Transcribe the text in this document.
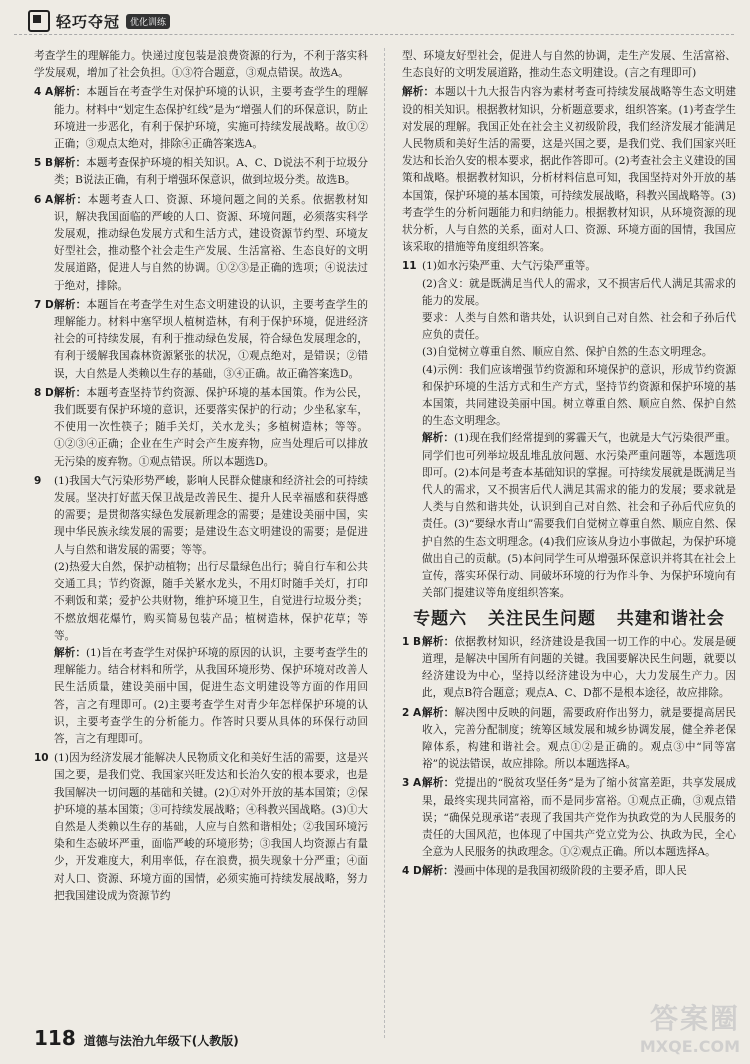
轻巧夺冠	优化训练

考查学生的理解能力。快递过度包装是浪费资源的行为，不利于落实科学发展观，增加了社会负担。①③符合题意，③观点错误。故选A。

4 A 解析：本题旨在考查学生对保护环境的认识，主要考查学生的理解能力。材料中“划定生态保护红线”是为“增强人们的环保意识，防止环境进一步恶化，有利于保护环境，实施可持续发展战略。故①②正确；③观点太绝对，排除④正确答案选A。

5 B 解析：本题考查保护环境的相关知识。A、C、D说法不利于垃圾分类；B说法正确，有利于增强环保意识，做到垃圾分类。故选B。

6 A 解析：本题考查人口、资源、环境问题之间的关系。依据教材知识，解决我国面临的严峻的人口、资源、环境问题，必须落实科学发展观，推动绿色发展方式和生活方式，建设资源节约型、环境友好型社会，推动整个社会走生产发展、生活富裕、生态良好的文明发展道路，促进人与自然的协调。①②③是正确的选项；④说法过于绝对，排除。

7 D 解析：本题旨在考查学生对生态文明建设的认识，主要考查学生的理解能力。材料中塞罕坝人植树造林，有利于保护环境，促进经济社会的可持续发展，有利于推动绿色发展，符合绿色发展理念的，有利于缓解我国森林资源紧张的状况，①观点绝对，是错误；②错误，大自然是人类赖以生存的基础，③④正确。故正确答案选D。

8 D 解析：本题考查坚持节约资源、保护环境的基本国策。作为公民，我们既要有保护环境的意识，还要落实保护的行动；少坐私家车，不使用一次性筷子；随手关灯，关水龙头；多植树造林；等等。①②③④正确；企业在生产时会产生废弃物，应当处理后可以排放无污染的废弃物。①观点错误。所以本题选D。

9 (1)我国大气污染形势严峻，影响人民群众健康和经济社会的可持续发展。坚决打好蓝天保卫战是改善民生、提升人民幸福感和获得感的需要；是贯彻落实绿色发展新理念的需要；是建设美丽中国，实现中华民族永续发展的需要；是建设生态文明建设的需要；是促进人与自然和谐发展的需要；等等。

(2)热爱大自然，保护动植物；出行尽量绿色出行；骑自行车和公共交通工具；节约资源，随手关紧水龙头，不用灯时随手关灯，打印不剩饭和菜；爱护公共财物，维护环境卫生，自觉进行垃圾分类；不燃放烟花爆竹，购买简易包装产品；植树造林，保护花草；等等。

解析：(1)旨在考查学生对保护环境的原因的认识，主要考查学生的理解能力。结合材料和所学，从我国环境形势、保护环境对改善人民生活质量，建设美丽中国，促进生态文明建设等方面的作用回答，言之有理即可。(2)主要考查学生对青少年怎样保护环境的认识，主要考查学生的分析能力。作答时只要从具体的环保行动回答，言之有理即可。

10 (1)因为经济发展才能解决人民物质文化和美好生活的需要，这是兴国之要，是我们党、我国家兴旺发达和长治久安的根本要求，也是我国解决一切问题的基础和关键。(2)①对外开放的基本国策；②保护环境的基本国策；③可持续发展战略；④科教兴国战略。(3)①大自然是人类赖以生存的基础，人应与自然和谐相处；②我国环境污染和生态破坏严重，面临严峻的环境形势；③我国人均资源占有量少，开发难度大，利用率低，存在浪费，损失现象十分严重；④面对人口、资源、环境方面的国情，必须实施可持续发展战略，努力把我国建设成为资源节约

型、环境友好型社会，促进人与自然的协调，走生产发展、生活富裕、生态良好的文明发展道路，推动生态文明建设。(言之有理即可)

解析：本题以十九大报告内容为素材考查可持续发展战略等生态文明建设的相关知识。根据教材知识，分析题意要求，组织答案。(1)考查学生对发展的理解。我国正处在社会主义初级阶段，我们经济发展才能满足人民物质和美好生活的需要，这是兴国之要，是我们党、我们国家兴旺发达和长治久安的根本要求，据此作答即可。(2)考查社会主义建设的国策和战略。根据教材知识，分析材料信息可知，我国坚持对外开放的基本国策，保护环境的基本国策，可持续发展战略，科教兴国战略等。(3)考查学生的分析问题能力和归纳能力。根据教材知识，从环境资源的现状分析，人与自然的关系，面对人口、资源、环境方面的国情，我国应该采取的措施等角度组织答案。

11 (1)如水污染严重、大气污染严重等。

(2)含义：就是既满足当代人的需求，又不损害后代人满足其需求的能力的发展。

要求：人类与自然和谐共处，认识到自己对自然、社会和子孙后代应负的责任。

(3)自觉树立尊重自然、顺应自然、保护自然的生态文明理念。

(4)示例：我们应该增强节约资源和环境保护的意识，形成节约资源和保护环境的生活方式和生产方式，坚持节约资源和保护环境的基本国策，共同建设美丽中国。树立尊重自然、顺应自然、保护自然的生态文明理念。

解析：(1)现在我们经常提到的雾霾天气，也就是大气污染很严重。同学们也可列举垃圾乱堆乱放问题、水污染严重问题等，本题选项即可。(2)本问是考查本基础知识的掌握。可持续发展就是既满足当代人的需求，又不损害后代人满足其需求的能力的发展；要求就是人类与自然和谐共处，认识到自己对自然、社会和子孙后代应负的责任。(3)“要绿水青山”需要我们自觉树立尊重自然、顺应自然、保护自然的生态文明理念。(4)我们应该从身边小事做起，为保护环境做出自己的贡献。(5)本问同学生可从增强环保意识并将其在社会上宣传，落实环保行动、同破坏环境的行为作斗争、为保护环境向有关部门提建议等角度组织答案。

专题六 关注民生问题 共建和谐社会
1 B 解析：依据教材知识，经济建设是我国一切工作的中心。发展是硬道理，是解决中国所有问题的关键。我国要解决民生问题，就要以经济建设为中心，坚持以经济建设为中心，大力发展生产力。因此，观点B符合题意；观点A、C、D都不是根本途径，故应排除。

2 A 解析：解决图中反映的问题，需要政府作出努力，就是要提高居民收入，完善分配制度；统筹区域发展和城乡协调发展，健全养老保障体系，构建和谐社会。观点①②是正确的。观点③中“同等富裕”的说法错误，故应排除。所以本题选择A。

3 A 解析：党提出的“脱贫攻坚任务”是为了缩小贫富差距，共享发展成果，最终实现共同富裕，而不是同步富裕。①观点正确，③观点错误；“确保兑现承诺”表现了我国共产党作为执政党的为人民服务的责任的大国风范，也体现了中国共产党立党为公、执政为民，全心全意为人民服务的执政理念。①②观点正确。所以本题选择A。

4 D 解析：漫画中体现的是我国初级阶段的主要矛盾，即人民

118 道德与法治九年级下(人教版)
答案圈
MXQE.COM
